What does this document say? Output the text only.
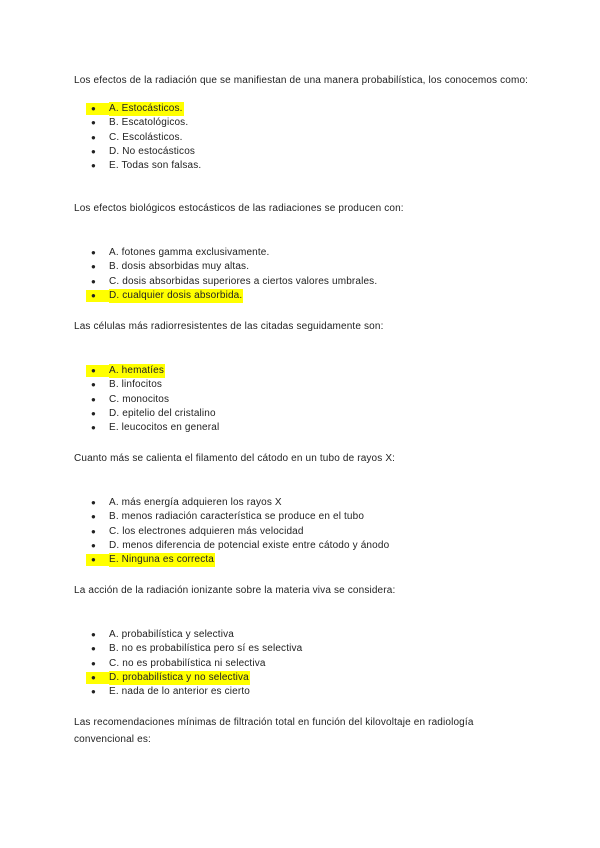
Los efectos de la radiación que se manifiestan de una manera probabilística, los conocemos como:

● A. Estocásticos.
● B. Escatológicos.
● C. Escolásticos.
● D. No estocásticos
● E. Todas son falsas.

Los efectos biológicos estocásticos de las radiaciones se producen con:

● A. fotones gamma exclusivamente.
● B. dosis absorbidas muy altas.
● C. dosis absorbidas superiores a ciertos valores umbrales.
● D. cualquier dosis absorbida.

Las células más radiorresistentes de las citadas seguidamente son:

● A. hematíes
● B. linfocitos
● C. monocitos
● D. epitelio del cristalino
● E. leucocitos en general

Cuanto más se calienta el filamento del cátodo en un tubo de rayos X:

● A. más energía adquieren los rayos X
● B. menos radiación característica se produce en el tubo
● C. los electrones adquieren más velocidad
● D. menos diferencia de potencial existe entre cátodo y ánodo
● E. Ninguna es correcta

La acción de la radiación ionizante sobre la materia viva se considera:

● A. probabilística y selectiva
● B. no es probabilística pero sí es selectiva
● C. no es probabilística ni selectiva
● D. probabilística y no selectiva
● E. nada de lo anterior es cierto

Las recomendaciones mínimas de filtración total en función del kilovoltaje en radiología convencional es:
